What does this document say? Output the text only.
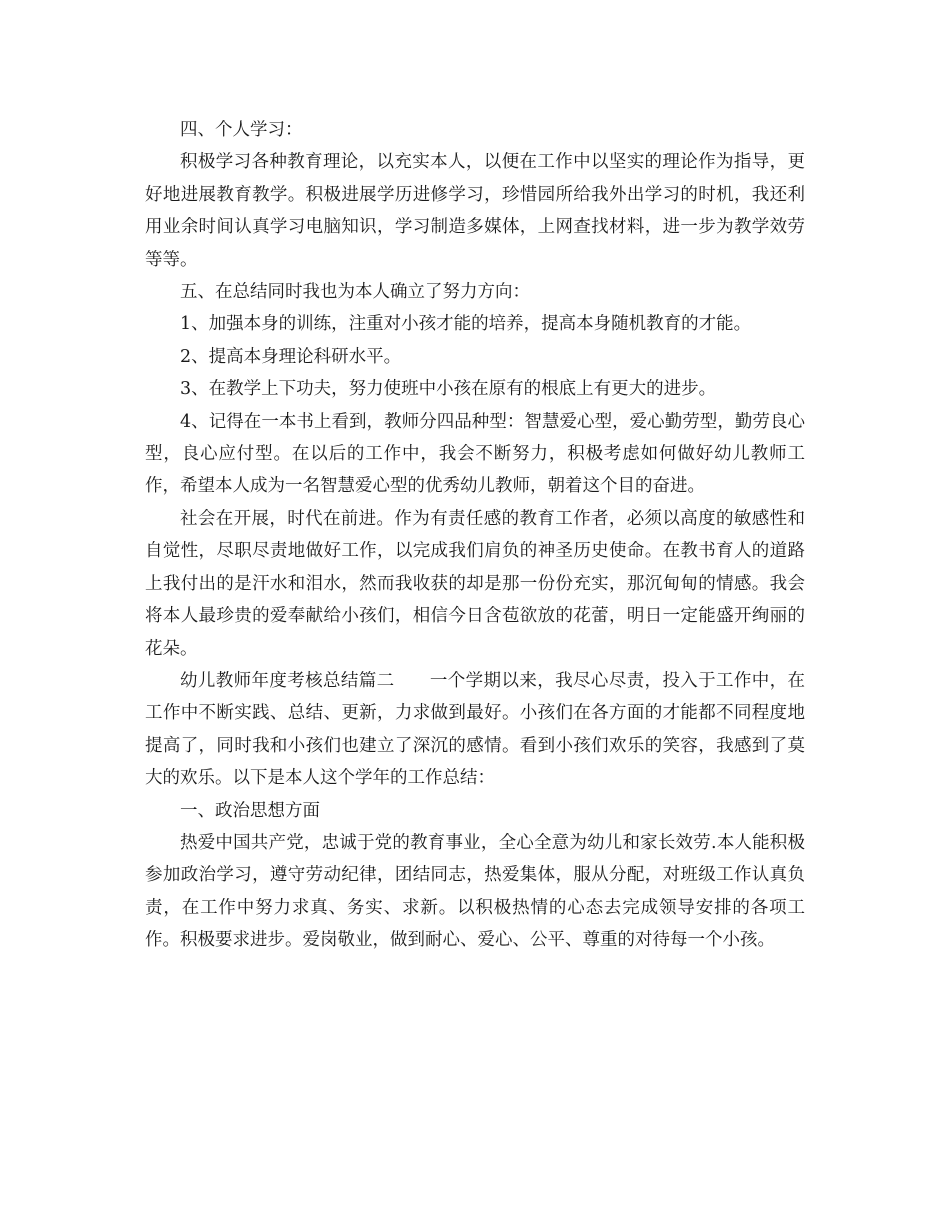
四、个人学习：

积极学习各种教育理论，以充实本人，以便在工作中以坚实的理论作为指导，更好地进展教育教学。积极进展学历进修学习，珍惜园所给我外出学习的时机，我还利用业余时间认真学习电脑知识，学习制造多媒体，上网查找材料，进一步为教学效劳等等。

五、在总结同时我也为本人确立了努力方向：

1、加强本身的训练，注重对小孩才能的培养，提高本身随机教育的才能。

2、提高本身理论科研水平。

3、在教学上下功夫，努力使班中小孩在原有的根底上有更大的进步。

4、记得在一本书上看到，教师分四品种型：智慧爱心型，爱心勤劳型，勤劳良心型，良心应付型。在以后的工作中，我会不断努力，积极考虑如何做好幼儿教师工作，希望本人成为一名智慧爱心型的优秀幼儿教师，朝着这个目的奋进。

社会在开展，时代在前进。作为有责任感的教育工作者，必须以高度的敏感性和自觉性，尽职尽责地做好工作，以完成我们肩负的神圣历史使命。在教书育人的道路上我付出的是汗水和泪水，然而我收获的却是那一份份充实，那沉甸甸的情感。我会将本人最珍贵的爱奉献给小孩们，相信今日含苞欲放的花蕾，明日一定能盛开绚丽的花朵。

幼儿教师年度考核总结篇二 一个学期以来，我尽心尽责，投入于工作中，在工作中不断实践、总结、更新，力求做到最好。小孩们在各方面的才能都不同程度地提高了，同时我和小孩们也建立了深沉的感情。看到小孩们欢乐的笑容，我感到了莫大的欢乐。以下是本人这个学年的工作总结：

一、政治思想方面

热爱中国共产党，忠诚于党的教育事业，全心全意为幼儿和家长效劳.本人能积极参加政治学习，遵守劳动纪律，团结同志，热爱集体，服从分配，对班级工作认真负责，在工作中努力求真、务实、求新。以积极热情的心态去完成领导安排的各项工作。积极要求进步。爱岗敬业，做到耐心、爱心、公平、尊重的对待每一个小孩。
